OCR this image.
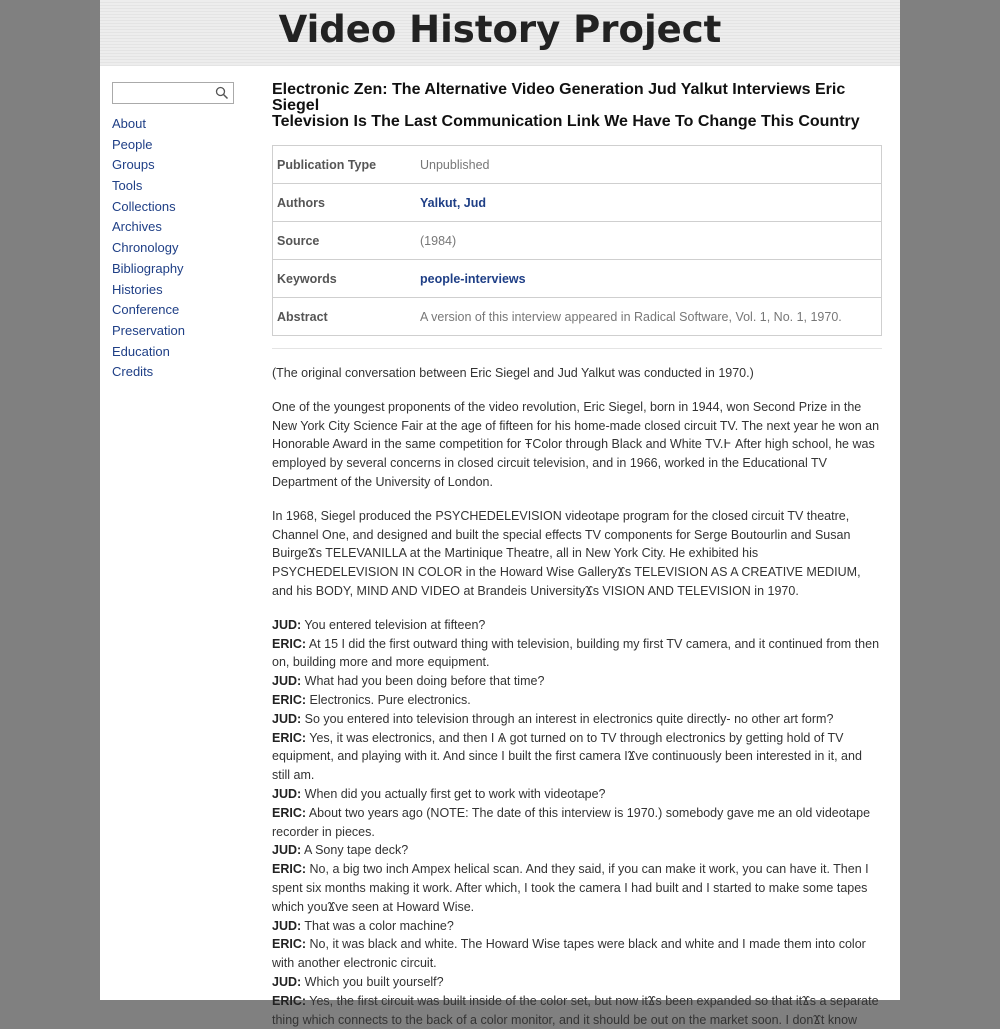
Video History Project
About
People
Groups
Tools
Collections
Archives
Chronology
Bibliography
Histories
Conference
Preservation
Education
Credits
Electronic Zen: The Alternative Video Generation Jud Yalkut Interviews Eric Siegel
Television Is The Last Communication Link We Have To Change This Country
Publication Type	Unpublished
Authors	Yalkut, Jud
Source	(1984)
Keywords	people-interviews
Abstract	A version of this interview appeared in Radical Software, Vol. 1, No. 1, 1970.

(The original conversation between Eric Siegel and Jud Yalkut was conducted in 1970.)

One of the youngest proponents of the video revolution, Eric Siegel, born in 1944, won Second Prize in the New York City Science Fair at the age of fifteen for his home-made closed circuit TV. The next year he won an Honorable Award in the same competition for ŦColor through Black and White TV.Ͱ After high school, he was employed by several concerns in closed circuit television, and in 1966, worked in the Educational TV Department of the University of London.

In 1968, Siegel produced the PSYCHEDELEVISION videotape program for the closed circuit TV theatre, Channel One, and designed and built the special effects TV components for Serge Boutourlin and Susan BuirgeϪs TELEVANILLA at the Martinique Theatre, all in New York City. He exhibited his PSYCHEDELEVISION IN COLOR in the Howard Wise GalleryϪs TELEVISION AS A CREATIVE MEDIUM, and his BODY, MIND AND VIDEO at Brandeis UniversityϪs VISION AND TELEVISION in 1970.

JUD: You entered television at fifteen?
ERIC: At 15 I did the first outward thing with television, building my first TV camera, and it continued from then on, building more and more equipment.
JUD: What had you been doing before that time?
ERIC: Electronics. Pure electronics.
JUD: So you entered into television through an interest in electronics quite directly- no other art form?
ERIC: Yes, it was electronics, and then I Ѧ got turned on to TV through electronics by getting hold of TV equipment, and playing with it. And since I built the first camera IϪve continuously been interested in it, and still am.
JUD: When did you actually first get to work with videotape?
ERIC: About two years ago (NOTE: The date of this interview is 1970.) somebody gave me an old videotape recorder in pieces.
JUD: A Sony tape deck?
ERIC: No, a big two inch Ampex helical scan. And they said, if you can make it work, you can have it. Then I spent six months making it work. After which, I took the camera I had built and I started to make some tapes which youϪve seen at Howard Wise.
JUD: That was a color machine?
ERIC: No, it was black and white. The Howard Wise tapes were black and white and I made them into color with another electronic circuit.
JUD: Which you built yourself?
ERIC: Yes, the first circuit was built inside of the color set, but now itϪs been expanded so that itϪs a separate thing which connects to the back of a color monitor, and it should be out on the market soon. I donϪt know
